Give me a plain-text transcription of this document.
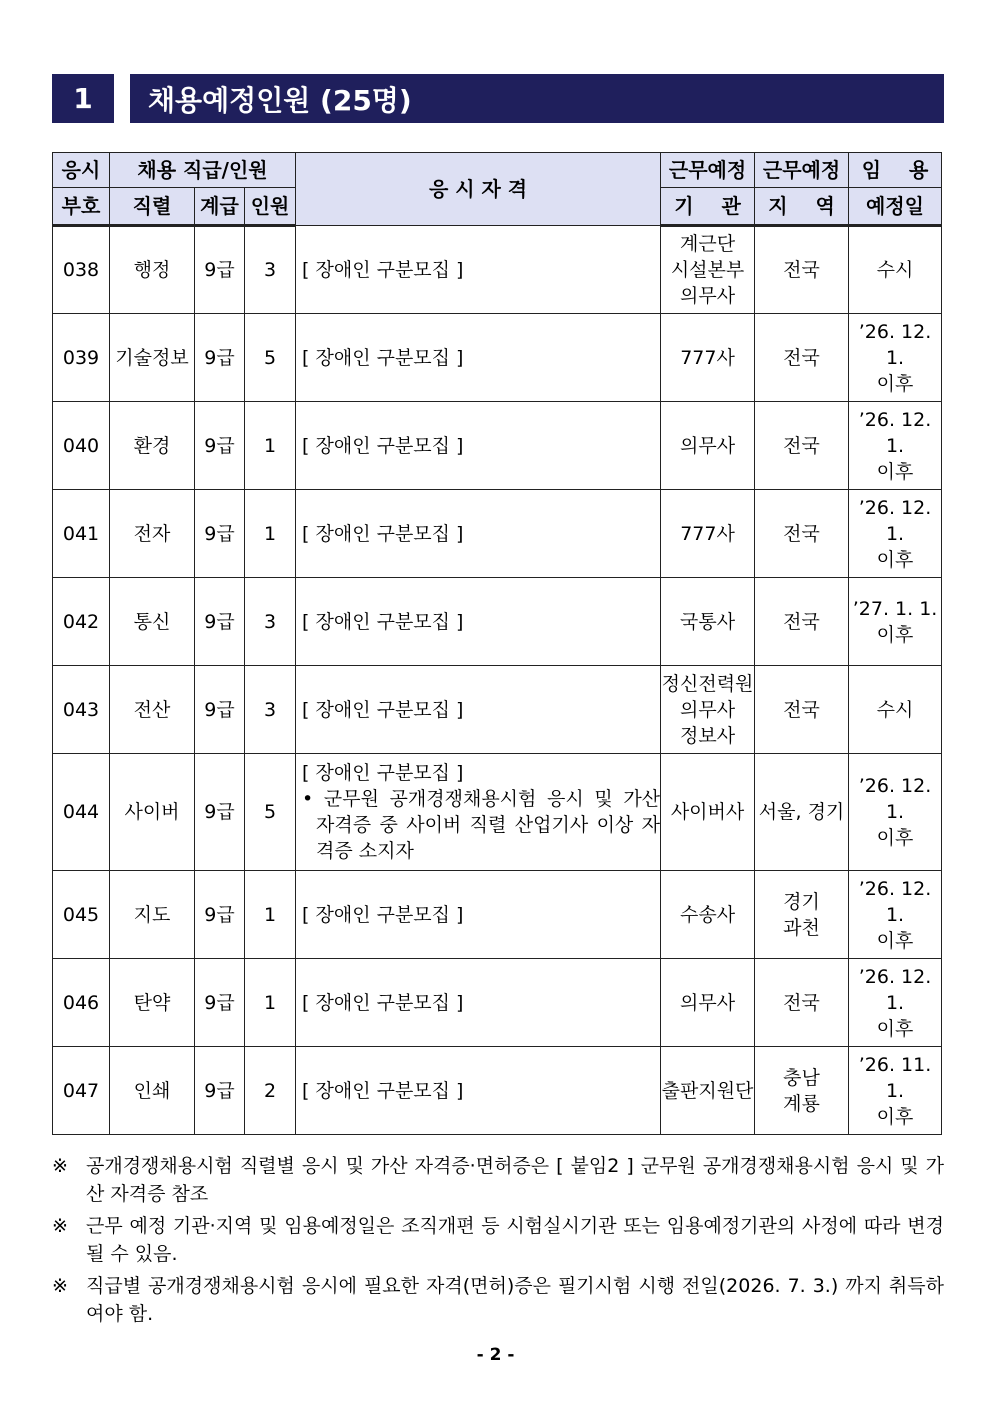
1	채용예정인원 (25명)
응시	채용 직급/인원			응 시 자 격	근무예정	근무예정	임    용
부호	직렬	계급	인원		기    관	지    역	예정일
038	행정	9급	3	[ 장애인 구분모집 ]	계근단
시설본부
의무사	전국	수시

039	기술정보	9급	5	[ 장애인 구분모집 ]	777사	전국	’26. 12. 1.
이후

040	환경	9급	1	[ 장애인 구분모집 ]	의무사	전국	’26. 12. 1.
이후

041	전자	9급	1	[ 장애인 구분모집 ]	777사	전국	’26. 12. 1.
이후

042	통신	9급	3	[ 장애인 구분모집 ]	국통사	전국	’27. 1. 1.
이후

043	전산	9급	3	[ 장애인 구분모집 ]	정신전력원
의무사
정보사	전국	수시

044	사이버	9급	5	[ 장애인 구분모집 ]
• 군무원 공개경쟁채용시험 응시 및 가산 자격증 중 사이버 직렬 산업기사 이상 자격증 소지자	사이버사	서울, 경기	’26. 12. 1.
이후

045	지도	9급	1	[ 장애인 구분모집 ]	수송사	경기
과천	’26. 12. 1.
이후

046	탄약	9급	1	[ 장애인 구분모집 ]	의무사	전국	’26. 12. 1.
이후

047	인쇄	9급	2	[ 장애인 구분모집 ]	출판지원단	충남
계룡	’26. 11. 1.
이후
※ 공개경쟁채용시험 직렬별 응시 및 가산 자격증·면허증은 [ 붙임2 ] 군무원 공개경쟁채용시험 응시 및 가산 자격증 참조
※ 근무 예정 기관·지역 및 임용예정일은 조직개편 등 시험실시기관 또는 임용예정기관의 사정에 따라 변경될 수 있음.
※ 직급별 공개경쟁채용시험 응시에 필요한 자격(면허)증은 필기시험 시행 전일(2026. 7. 3.) 까지 취득하여야 함.
- 2 -
